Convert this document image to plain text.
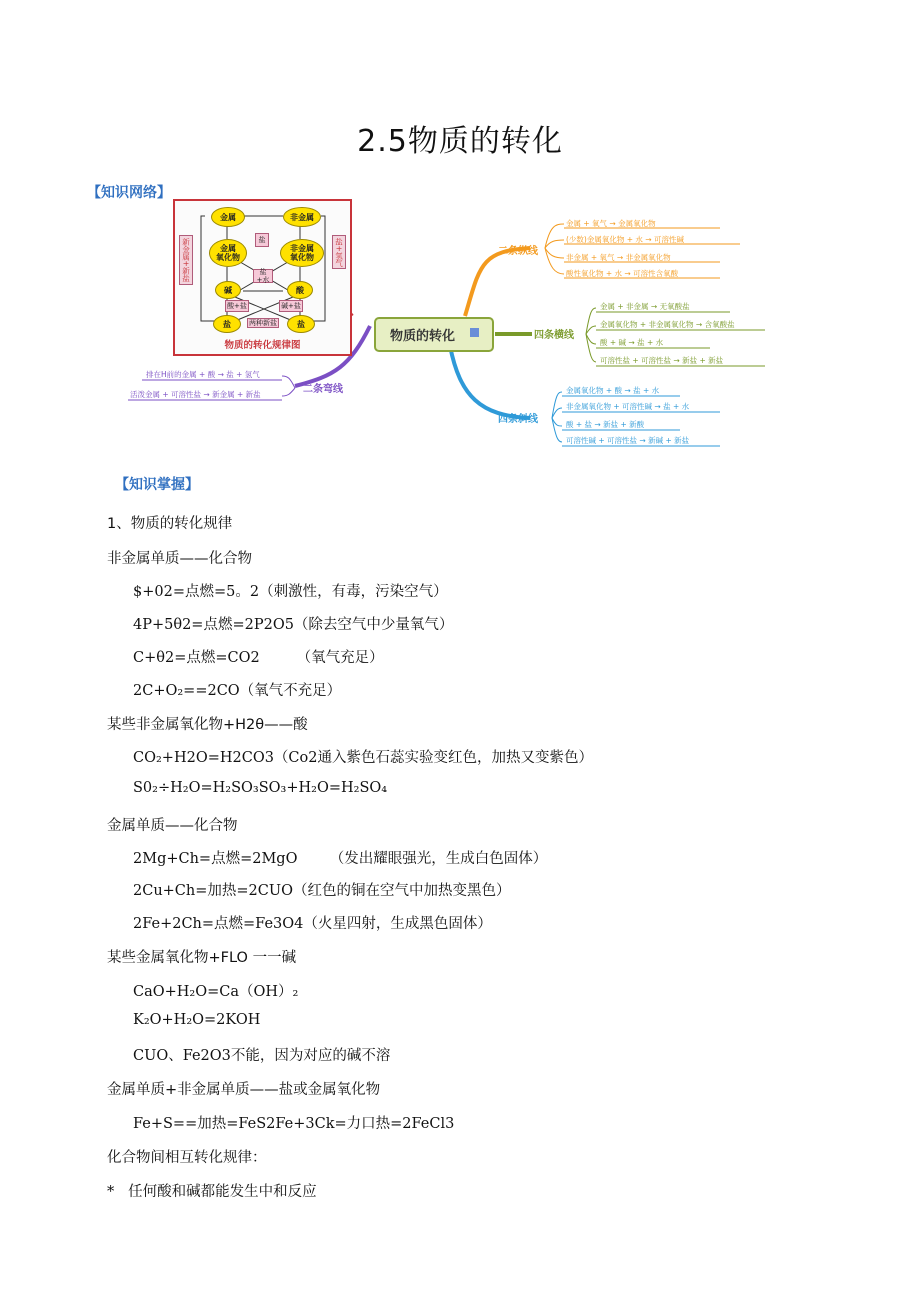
2.5物质的转化
【知识网络】
物质的转化
二条纵线
金属 + 氧气 → 金属氧化物
(少数)金属氧化物 + 水 → 可溶性碱
非金属 + 氧气 → 非金属氧化物
酸性氧化物 + 水 → 可溶性含氧酸
四条横线
金属 + 非金属 → 无氧酸盐
金属氧化物 + 非金属氧化物 → 含氧酸盐
酸 + 碱 → 盐 + 水
可溶性盐 + 可溶性盐 → 新盐 + 新盐
四条斜线
金属氧化物 + 酸 → 盐 + 水
非金属氧化物 + 可溶性碱 → 盐 + 水
酸 + 盐 → 新盐 + 新酸
可溶性碱 + 可溶性盐 → 新碱 + 新盐
二条弯线
排在H前的金属 + 酸 → 盐 + 氢气
活泼金属 + 可溶性盐 → 新金属 + 新盐
金属	非金属
金属
氧化物
非金属
氧化物
碱	酸
盐	盐
盐
盐+水
酸+盐	碱+盐
两种新盐
新金属+新盐	盐+氢气
物质的转化规律图
【知识掌握】
1、物质的转化规律
非金属单质——化合物
$+02=点燃=5。2（刺激性，有毒，污染空气）
4P+5θ2=点燃=2P2O5（除去空气中少量氧气）
C+θ2=点燃=CO2        （氧气充足）
2C+O₂==2CO（氧气不充足）
某些非金属氧化物+H2θ——酸
CO₂+H2O=H2CO3（Co2通入紫色石蕊实验变红色，加热又变紫色）
S0₂÷H₂O=H₂SO₃SO₃+H₂O=H₂SO₄
金属单质——化合物
2Mg+Ch=点燃=2MgO       （发出耀眼强光，生成白色固体）
2Cu+Ch=加热=2CUO（红色的铜在空气中加热变黑色）
2Fe+2Ch=点燃=Fe3O4（火星四射，生成黑色固体）
某些金属氧化物+FLO 一一碱
CaO+H₂O=Ca（OH）₂
K₂O+H₂O=2KOH
CUO、Fe2O3不能，因为对应的碱不溶
金属单质+非金属单质——盐或金属氧化物
Fe+S==加热=FeS2Fe+3Ck=力口热=2FeCl3
化合物间相互转化规律：
*   任何酸和碱都能发生中和反应
